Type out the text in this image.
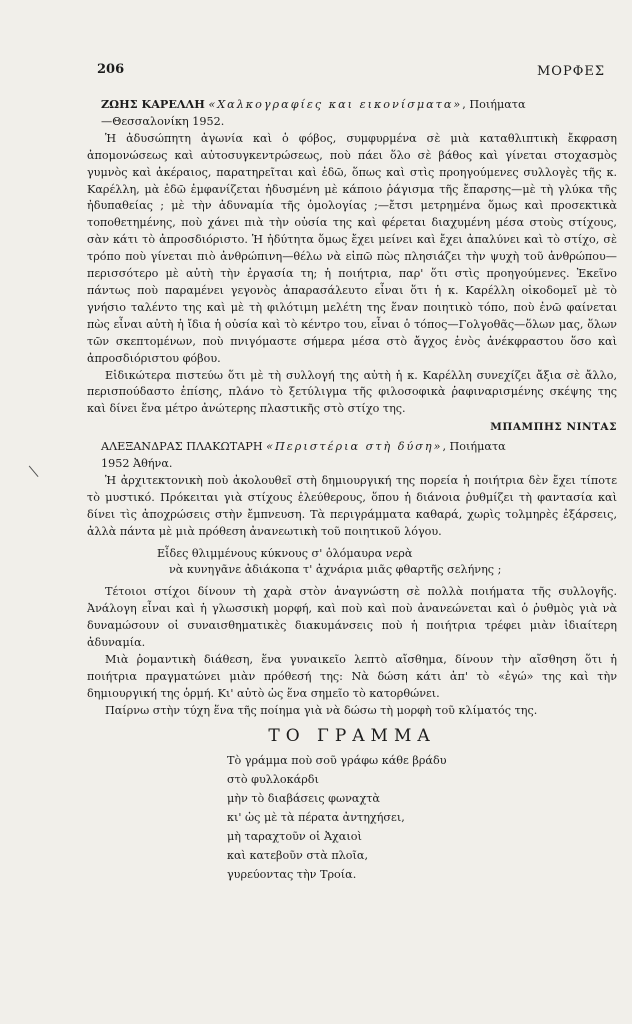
206	ΜΟΡΦΕΣ

ΖΩΗΣ ΚΑΡΕΛΛΗ «Χαλκογραφίες και εικονίσματα», Ποιήματα
—Θεσσαλονίκη 1952.

Ἡ ἀδυσώπητη ἀγωνία καὶ ὁ φόβος, συμφυρμένα σὲ μιὰ καταθλιπτικὴ ἔκφραση ἀπομονώσεως καὶ αὐτοσυγκεντρώσεως, ποὺ πάει ὅλο σὲ βάθος καὶ γίνεται στοχασμὸς γυμνὸς καὶ ἀκέραιος, παρατηρεῖται καὶ ἐδῶ, ὅπως καὶ στὶς προηγούμενες συλλογὲς τῆς κ. Καρέλλη, μὰ ἐδῶ ἐμφανίζεται ἠδυσμένη μὲ κάποιο ῥάγισμα τῆς ἔπαρσης—μὲ τὴ γλύκα τῆς ἠδυπαθείας ; μὲ τὴν ἀδυναμία τῆς ὁμολογίας ;—ἔτσι μετρημένα ὅμως καὶ προσεκτικὰ τοποθετημένης, ποὺ χάνει πιὰ τὴν οὐσία της καὶ φέρεται διαχυμένη μέσα στοὺς στίχους, σὰν κάτι τὸ ἀπροσδιόριστο. Ἡ ἡδύτητα ὅμως ἔχει μείνει καὶ ἔχει ἀπαλύνει καὶ τὸ στίχο, σὲ τρόπο ποὺ γίνεται πιὸ ἀνθρώπινη—θέλω νὰ εἰπῶ πὼς πλησιάζει τὴν ψυχὴ τοῦ ἀνθρώπου—περισσότερο μὲ αὐτὴ τὴν ἐργασία τη; ἡ ποιήτρια, παρ' ὅτι στὶς προηγούμενες. Ἐκεῖνο πάντως ποὺ παραμένει γεγονὸς ἀπαρασάλευτο εἶναι ὅτι ἡ κ. Καρέλλη οἰκοδομεῖ μὲ τὸ γνήσιο ταλέντο της καὶ μὲ τὴ φιλότιμη μελέτη της ἕναν ποιητικὸ τόπο, ποὺ ἐνῶ φαίνεται πὼς εἶναι αὐτὴ ἡ ἴδια ἡ οὐσία καὶ τὸ κέντρο του, εἶναι ὁ τόπος—Γολγοθᾶς—ὅλων μας, ὅλων τῶν σκεπτομένων, ποὺ πνιγόμαστε σήμερα μέσα στὸ ἄγχος ἑνὸς ἀνέκφραστου ὅσο καὶ ἀπροσδιόριστου φόβου.

Εἰδικώτερα πιστεύω ὅτι μὲ τὴ συλλογή της αὐτὴ ἡ κ. Καρέλλη συνεχίζει ἄξια σὲ ἄλλο, περισπούδαστο ἐπίσης, πλάνο τὸ ξετύλιγμα τῆς φιλοσοφικὰ ῥαφιναρισμένης σκέψης της καὶ δίνει ἕνα μέτρο ἀνώτερης πλαστικῆς στὸ στίχο της.

ΜΠΑΜΠΗΣ ΝΙΝΤΑΣ

ΑΛΕΞΑΝΔΡΑΣ ΠΛΑΚΩΤΑΡΗ «Περιστέρια στὴ δύση», Ποιήματα
1952 Ἀθήνα.

Ἡ ἀρχιτεκτονικὴ ποὺ ἀκολουθεῖ στὴ δημιουργική της πορεία ἡ ποιήτρια δὲν ἔχει τίποτε τὸ μυστικό. Πρόκειται γιὰ στίχους ἐλεύθερους, ὅπου ἡ διάνοια ῥυθμίζει τὴ φαντασία καὶ δίνει τὶς ἀποχρώσεις στὴν ἔμπνευση. Τὰ περιγράμματα καθαρά, χωρὶς τολμηρὲς ἐξάρσεις, ἀλλὰ πάντα μὲ μιὰ πρόθεση ἀνανεωτικὴ τοῦ ποιητικοῦ λόγου.

Εἶδες θλιμμένους κύκνους σ' ὁλόμαυρα νερὰ
νὰ κυνηγᾶνε ἀδιάκοπα τ' ἀχνάρια μιᾶς φθαρτῆς σελήνης ;

Τέτοιοι στίχοι δίνουν τὴ χαρὰ στὸν ἀναγνώστη σὲ πολλὰ ποιήματα τῆς συλλογῆς. Ἀνάλογη εἶναι καὶ ἡ γλωσσικὴ μορφή, καὶ ποὺ καὶ ποὺ ἀνανεώνεται καὶ ὁ ῥυθμὸς γιὰ νὰ δυναμώσουν οἱ συναισθηματικὲς διακυμάνσεις ποὺ ἡ ποιήτρια τρέφει μιὰν ἰδιαίτερη ἀδυναμία.

Μιὰ ῥομαντικὴ διάθεση, ἕνα γυναικεῖο λεπτὸ αἴσθημα, δίνουν τὴν αἴσθηση ὅτι ἡ ποιήτρια πραγματώνει μιὰν πρόθεσή της: Νὰ δώση κάτι ἀπ' τὸ «ἐγώ» της καὶ τὴν δημιουργική της ὁρμή. Κι' αὐτὸ ὡς ἕνα σημεῖο τὸ κατορθώνει.

Παίρνω στὴν τύχη ἕνα τῆς ποίημα γιὰ νὰ δώσω τὴ μορφὴ τοῦ κλίματός της.

ΤΟ ΓΡΑΜΜΑ
Τὸ γράμμα ποὺ σοῦ γράφω κάθε βράδυ
στὸ φυλλοκάρδι
μὴν τὸ διαβάσεις φωναχτὰ
κι' ὡς μὲ τὰ πέρατα ἀντηχήσει,
μὴ ταραχτοῦν οἱ Ἀχαιοὶ
καὶ κατεβοῦν στὰ πλοῖα,
γυρεύοντας τὴν Τροία.
